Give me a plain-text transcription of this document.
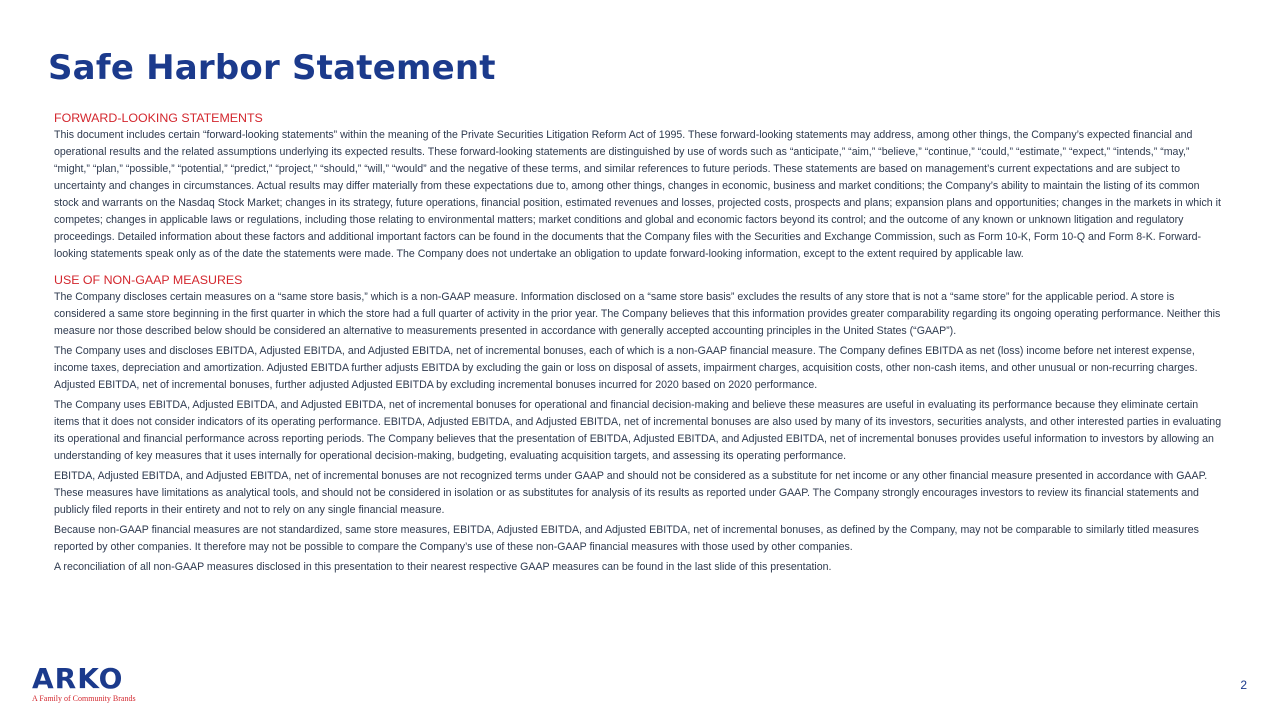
Safe Harbor Statement
FORWARD-LOOKING STATEMENTS

This document includes certain “forward-looking statements” within the meaning of the Private Securities Litigation Reform Act of 1995. These forward-looking statements may address, among other things, the Company’s expected financial and operational results and the related assumptions underlying its expected results. These forward-looking statements are distinguished by use of words such as “anticipate,” “aim,” “believe,” “continue,” “could,” “estimate,” “expect,” “intends,” “may,” “might,” “plan,” “possible,” “potential,” “predict,” “project,” “should,” “will,” “would” and the negative of these terms, and similar references to future periods. These statements are based on management’s current expectations and are subject to uncertainty and changes in circumstances. Actual results may differ materially from these expectations due to, among other things, changes in economic, business and market conditions; the Company’s ability to maintain the listing of its common stock and warrants on the Nasdaq Stock Market; changes in its strategy, future operations, financial position, estimated revenues and losses, projected costs, prospects and plans; expansion plans and opportunities; changes in the markets in which it competes; changes in applicable laws or regulations, including those relating to environmental matters; market conditions and global and economic factors beyond its control; and the outcome of any known or unknown litigation and regulatory proceedings. Detailed information about these factors and additional important factors can be found in the documents that the Company files with the Securities and Exchange Commission, such as Form 10-K, Form 10-Q and Form 8-K. Forward-looking statements speak only as of the date the statements were made. The Company does not undertake an obligation to update forward-looking information, except to the extent required by applicable law.

USE OF NON-GAAP MEASURES

The Company discloses certain measures on a “same store basis,” which is a non-GAAP measure. Information disclosed on a “same store basis” excludes the results of any store that is not a “same store” for the applicable period. A store is considered a same store beginning in the first quarter in which the store had a full quarter of activity in the prior year. The Company believes that this information provides greater comparability regarding its ongoing operating performance. Neither this measure nor those described below should be considered an alternative to measurements presented in accordance with generally accepted accounting principles in the United States (“GAAP”).

The Company uses and discloses EBITDA, Adjusted EBITDA, and Adjusted EBITDA, net of incremental bonuses, each of which is a non-GAAP financial measure. The Company defines EBITDA as net (loss) income before net interest expense, income taxes, depreciation and amortization. Adjusted EBITDA further adjusts EBITDA by excluding the gain or loss on disposal of assets, impairment charges, acquisition costs, other non-cash items, and other unusual or non-recurring charges. Adjusted EBITDA, net of incremental bonuses, further adjusted Adjusted EBITDA by excluding incremental bonuses incurred for 2020 based on 2020 performance.

The Company uses EBITDA, Adjusted EBITDA, and Adjusted EBITDA, net of incremental bonuses for operational and financial decision-making and believe these measures are useful in evaluating its performance because they eliminate certain items that it does not consider indicators of its operating performance. EBITDA, Adjusted EBITDA, and Adjusted EBITDA, net of incremental bonuses are also used by many of its investors, securities analysts, and other interested parties in evaluating its operational and financial performance across reporting periods. The Company believes that the presentation of EBITDA, Adjusted EBITDA, and Adjusted EBITDA, net of incremental bonuses provides useful information to investors by allowing an understanding of key measures that it uses internally for operational decision-making, budgeting, evaluating acquisition targets, and assessing its operating performance.

EBITDA, Adjusted EBITDA, and Adjusted EBITDA, net of incremental bonuses are not recognized terms under GAAP and should not be considered as a substitute for net income or any other financial measure presented in accordance with GAAP. These measures have limitations as analytical tools, and should not be considered in isolation or as substitutes for analysis of its results as reported under GAAP. The Company strongly encourages investors to review its financial statements and publicly filed reports in their entirety and not to rely on any single financial measure.

Because non-GAAP financial measures are not standardized, same store measures, EBITDA, Adjusted EBITDA, and Adjusted EBITDA, net of incremental bonuses, as defined by the Company, may not be comparable to similarly titled measures reported by other companies. It therefore may not be possible to compare the Company’s use of these non-GAAP financial measures with those used by other companies.

A reconciliation of all non-GAAP measures disclosed in this presentation to their nearest respective GAAP measures can be found in the last slide of this presentation.

ARKO
A Family of Community Brands
2
